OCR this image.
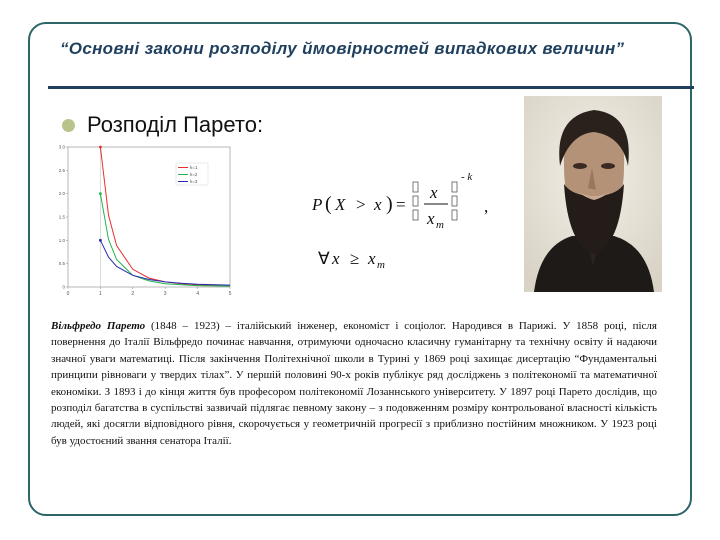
“Основні закони розподілу ймовірностей випадкових величин”
Розподіл Парето:
0	1	2	3	4	5
0
0.5
1.0
1.5
2.0
2.5
3.0
k=1
k=2
k=3
P ( X > x ) =
x
x m
- k
,
∀ x ≥ x m
Вільфредо Парето (1848 – 1923) – італійський інженер, економіст і соціолог. Народився в Парижі. У 1858 році, після повернення до Італії Вільфредо починає навчання, отримуючи одночасно класичну гуманітарну та технічну освіту й надаючи значної уваги математиці. Після закінчення Політехнічної школи в Турині у 1869 році захищає дисертацію “Фундаментальні принципи рівноваги у твердих тілах”. У першій половині 90-х років публікує ряд досліджень з політекономії та математичної економіки. З 1893 і до кінця життя був професором політекономії Лозаннського університету. У 1897 році Парето дослідив, що розподіл багатства в суспільстві зазвичай підлягає певному закону – з подовженням розміру контрольованої власності кількість людей, які досягли відповідного рівня, скорочується у геометричній прогресії з приблизно постійним множником. У 1923 році був удостоєний звання сенатора Італії.
